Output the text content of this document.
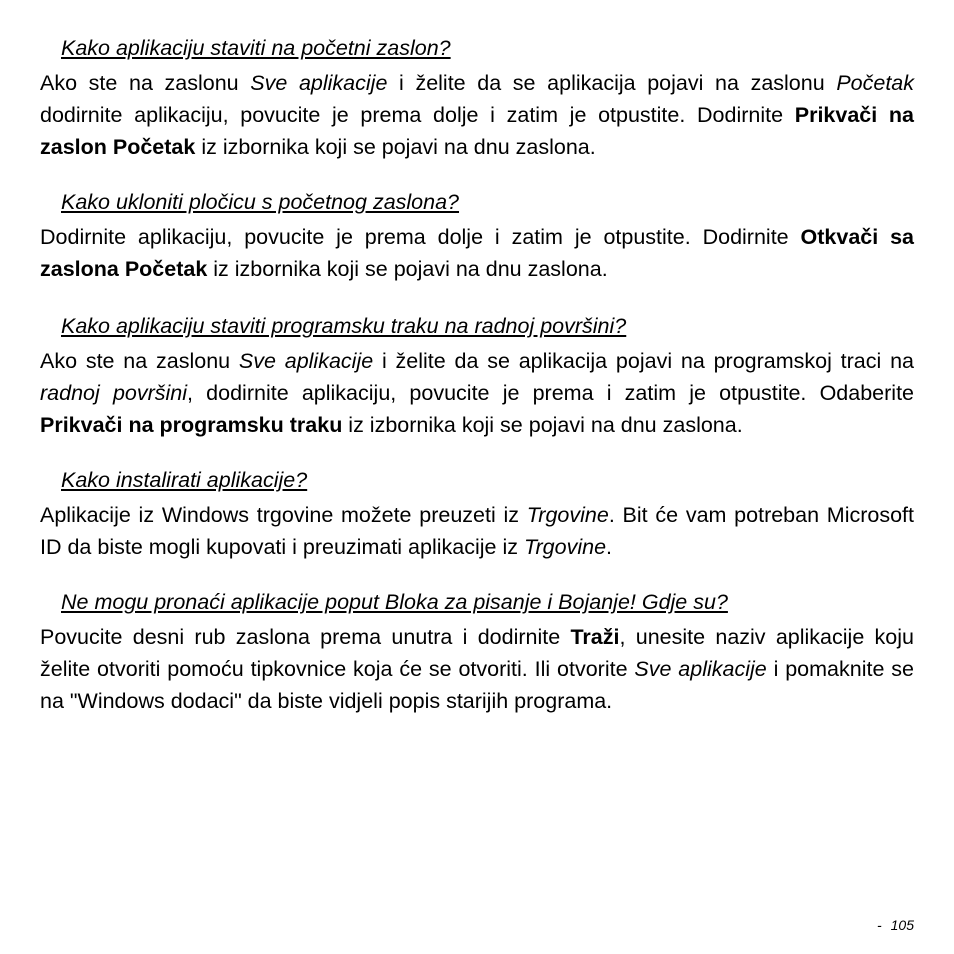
Kako aplikaciju staviti na početni zaslon?

Ako ste na zaslonu Sve aplikacije i želite da se aplikacija pojavi na zaslonu Početak dodirnite aplikaciju, povucite je prema dolje i zatim je otpustite. Dodirnite Prikvači na zaslon Početak iz izbornika koji se pojavi na dnu zaslona.

Kako ukloniti pločicu s početnog zaslona?

Dodirnite aplikaciju, povucite je prema dolje i zatim je otpustite. Dodirnite Otkvači sa zaslona Početak iz izbornika koji se pojavi na dnu zaslona.

Kako aplikaciju staviti programsku traku na radnoj površini?

Ako ste na zaslonu Sve aplikacije i želite da se aplikacija pojavi na programskoj traci na radnoj površini, dodirnite aplikaciju, povucite je prema i zatim je otpustite. Odaberite Prikvači na programsku traku iz izbornika koji se pojavi na dnu zaslona.

Kako instalirati aplikacije?

Aplikacije iz Windows trgovine možete preuzeti iz Trgovine. Bit će vam potreban Microsoft ID da biste mogli kupovati i preuzimati aplikacije iz Trgovine.

Ne mogu pronaći aplikacije poput Bloka za pisanje i Bojanje! Gdje su?

Povucite desni rub zaslona prema unutra i dodirnite Traži, unesite naziv aplikacije koju želite otvoriti pomoću tipkovnice koja će se otvoriti. Ili otvorite Sve aplikacije i pomaknite se na "Windows dodaci" da biste vidjeli popis starijih programa.

- 105
